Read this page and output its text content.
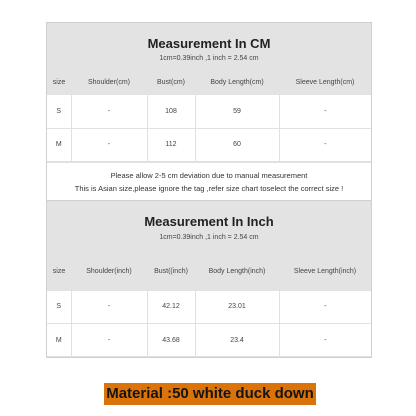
Measurement In CM
1cm=0.39inch ,1 inch = 2.54 cm
size	Shoulder(cm)	Bust(cm)	Body Length(cm)	Sleeve Length(cm)
S	-	108	59	-
M	-	112	60	-
Please allow 2-5 cm deviation due to manual measurement
This is Asian size,please ignore the tag ,refer size chart toselect the correct size !
Measurement In Inch
1cm=0.39inch ,1 inch = 2.54 cm
size	Shoulder(inch)	Bust((inch)	Body Length(inch)	Sleeve Length(inch)
S	-	42.12	23.01	-
M	-	43.68	23.4	-
Material :50 white duck down
